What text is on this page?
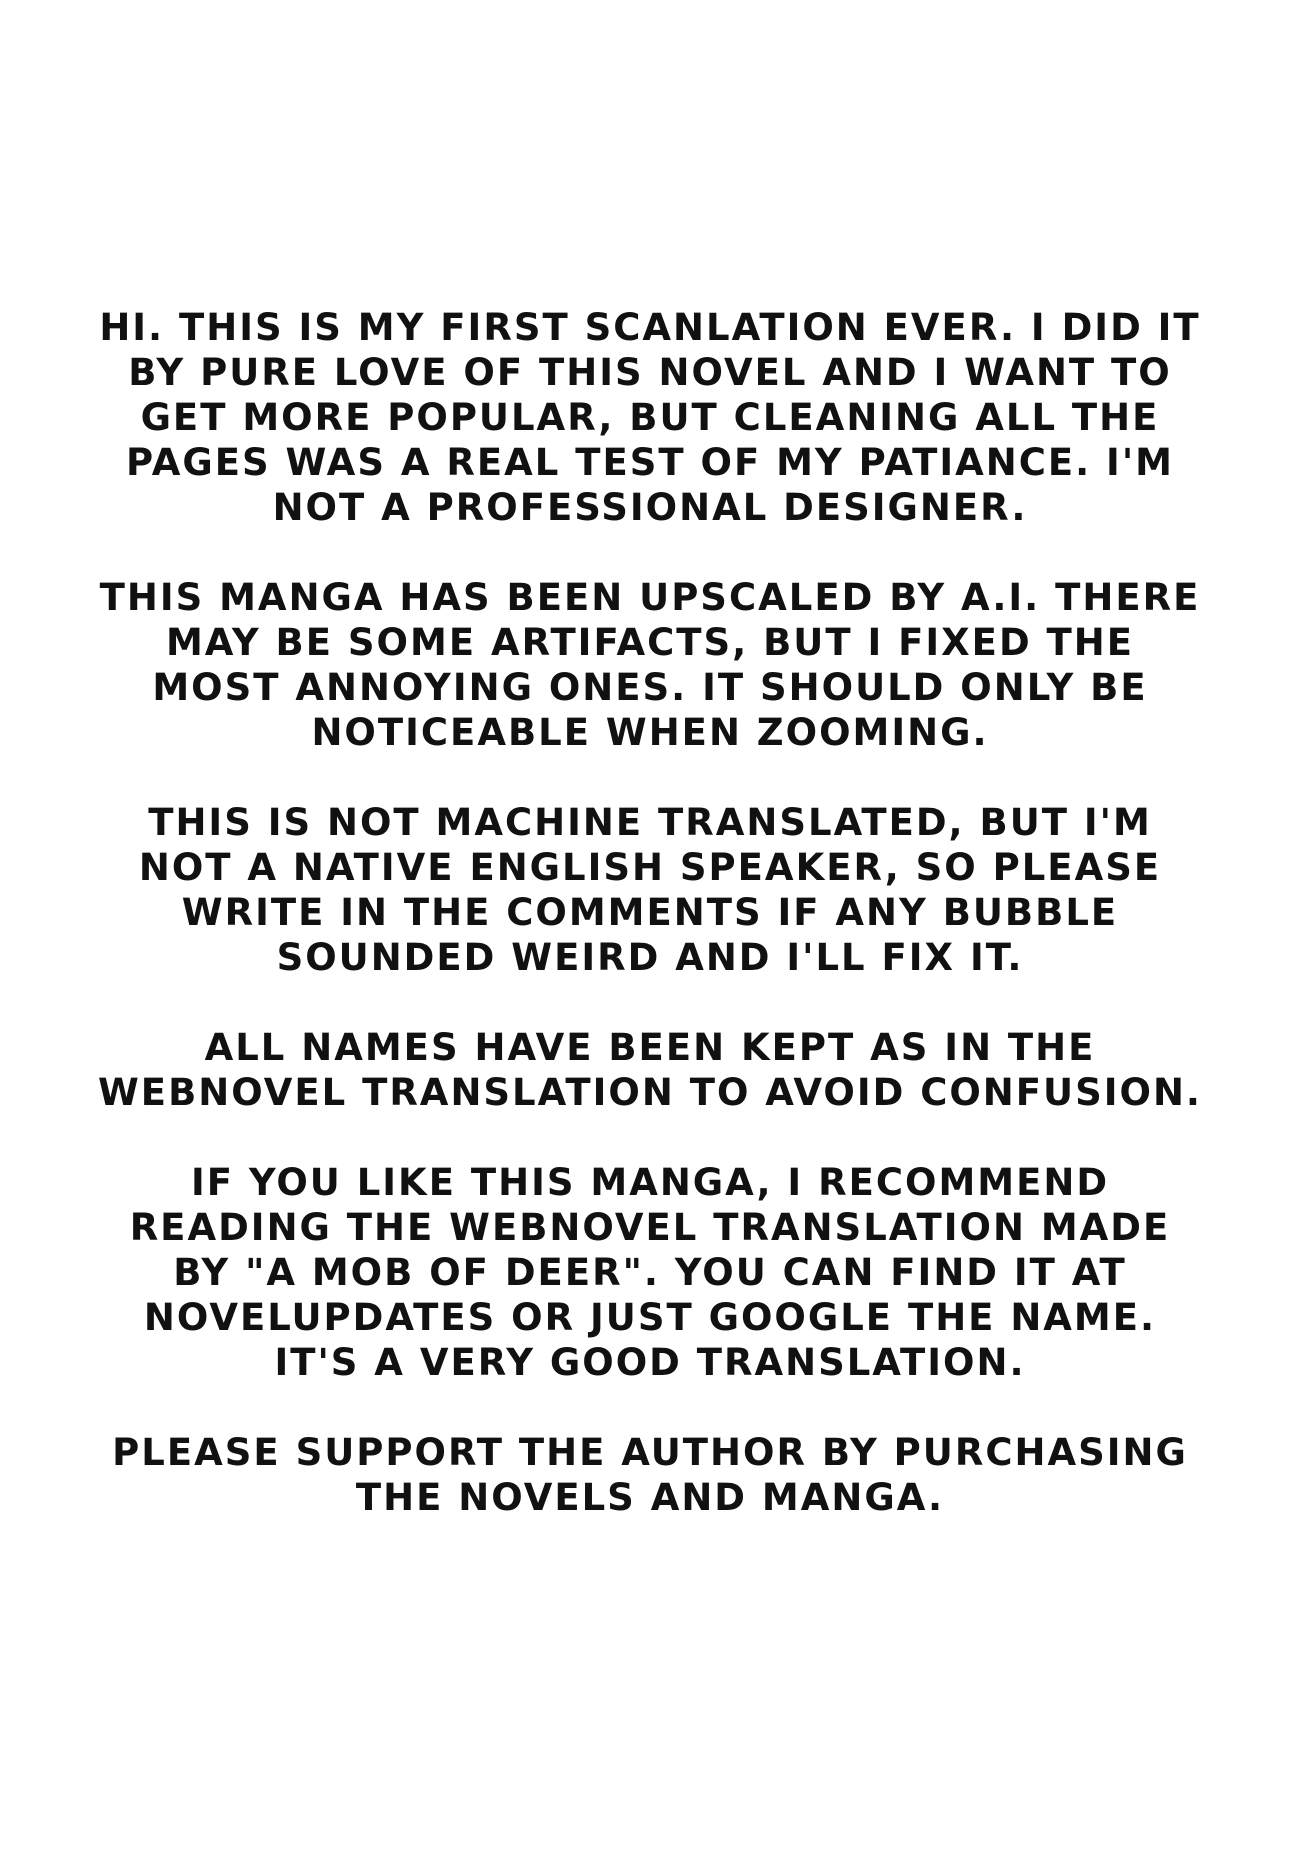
HI. THIS IS MY FIRST SCANLATION EVER. I DID IT
BY PURE LOVE OF THIS NOVEL AND I WANT TO
GET MORE POPULAR, BUT CLEANING ALL THE
PAGES WAS A REAL TEST OF MY PATIANCE. I'M
NOT A PROFESSIONAL DESIGNER.
THIS MANGA HAS BEEN UPSCALED BY A.I. THERE
MAY BE SOME ARTIFACTS, BUT I FIXED THE
MOST ANNOYING ONES. IT SHOULD ONLY BE
NOTICEABLE WHEN ZOOMING.
THIS IS NOT MACHINE TRANSLATED, BUT I'M
NOT A NATIVE ENGLISH SPEAKER, SO PLEASE
WRITE IN THE COMMENTS IF ANY BUBBLE
SOUNDED WEIRD AND I'LL FIX IT.
ALL NAMES HAVE BEEN KEPT AS IN THE
WEBNOVEL TRANSLATION TO AVOID CONFUSION.
IF YOU LIKE THIS MANGA, I RECOMMEND
READING THE WEBNOVEL TRANSLATION MADE
BY "A MOB OF DEER". YOU CAN FIND IT AT
NOVELUPDATES OR JUST GOOGLE THE NAME.
IT'S A VERY GOOD TRANSLATION.
PLEASE SUPPORT THE AUTHOR BY PURCHASING
THE NOVELS AND MANGA.
